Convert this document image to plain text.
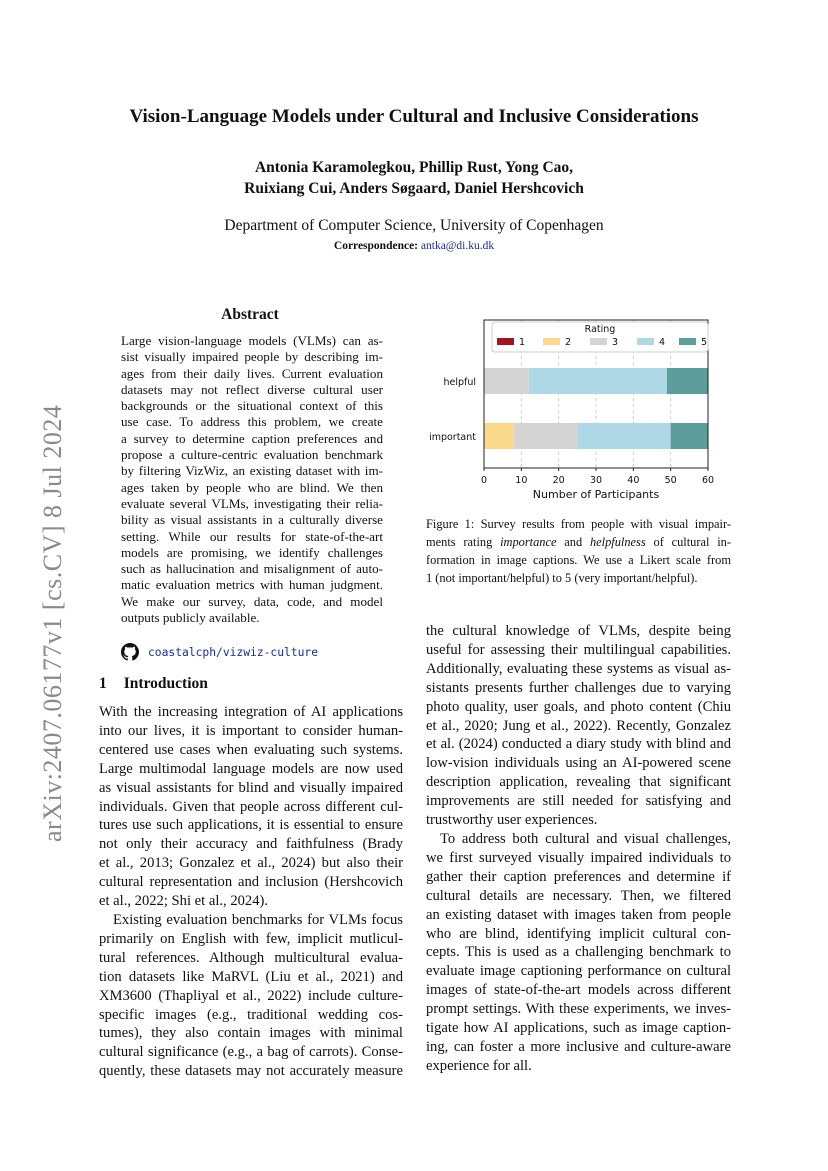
Vision-Language Models under Cultural and Inclusive Considerations
Antonia Karamolegkou, Phillip Rust, Yong Cao,
Ruixiang Cui, Anders Søgaard, Daniel Hershcovich
Department of Computer Science, University of Copenhagen
Correspondence: antka@di.ku.dk
arXiv:2407.06177v1 [cs.CV] 8 Jul 2024
Abstract
Large vision-language models (VLMs) can as-
sist visually impaired people by describing im-
ages from their daily lives. Current evaluation
datasets may not reflect diverse cultural user
backgrounds or the situational context of this
use case. To address this problem, we create
a survey to determine caption preferences and
propose a culture-centric evaluation benchmark
by filtering VizWiz, an existing dataset with im-
ages taken by people who are blind. We then
evaluate several VLMs, investigating their relia-
bility as visual assistants in a culturally diverse
setting. While our results for state-of-the-art
models are promising, we identify challenges
such as hallucination and misalignment of auto-
matic evaluation metrics with human judgment.
We make our survey, data, code, and model
outputs publicly available.
coastalcph/vizwiz-culture
1 Introduction
With the increasing integration of AI applications
into our lives, it is important to consider human-
centered use cases when evaluating such systems.
Large multimodal language models are now used
as visual assistants for blind and visually impaired
individuals. Given that people across different cul-
tures use such applications, it is essential to ensure
not only their accuracy and faithfulness (Brady
et al., 2013; Gonzalez et al., 2024) but also their
cultural representation and inclusion (Hershcovich
et al., 2022; Shi et al., 2024).
Existing evaluation benchmarks for VLMs focus
primarily on English with few, implicit mutlicul-
tural references. Although multicultural evalua-
tion datasets like MaRVL (Liu et al., 2021) and
XM3600 (Thapliyal et al., 2022) include culture-
specific images (e.g., traditional wedding cos-
tumes), they also contain images with minimal
cultural significance (e.g., a bag of carrots). Conse-
quently, these datasets may not accurately measure
helpful
important
0	10	20	30	40	50	60
Number of Participants
Rating
1	2	3	4	5
Figure 1: Survey results from people with visual impair-
ments rating importance and helpfulness of cultural in-
formation in image captions. We use a Likert scale from
1 (not important/helpful) to 5 (very important/helpful).
the cultural knowledge of VLMs, despite being
useful for assessing their multilingual capabilities.
Additionally, evaluating these systems as visual as-
sistants presents further challenges due to varying
photo quality, user goals, and photo content (Chiu
et al., 2020; Jung et al., 2022). Recently, Gonzalez
et al. (2024) conducted a diary study with blind and
low-vision individuals using an AI-powered scene
description application, revealing that significant
improvements are still needed for satisfying and
trustworthy user experiences.
To address both cultural and visual challenges,
we first surveyed visually impaired individuals to
gather their caption preferences and determine if
cultural details are necessary. Then, we filtered
an existing dataset with images taken from people
who are blind, identifying implicit cultural con-
cepts. This is used as a challenging benchmark to
evaluate image captioning performance on cultural
images of state-of-the-art models across different
prompt settings. With these experiments, we inves-
tigate how AI applications, such as image caption-
ing, can foster a more inclusive and culture-aware
experience for all.
